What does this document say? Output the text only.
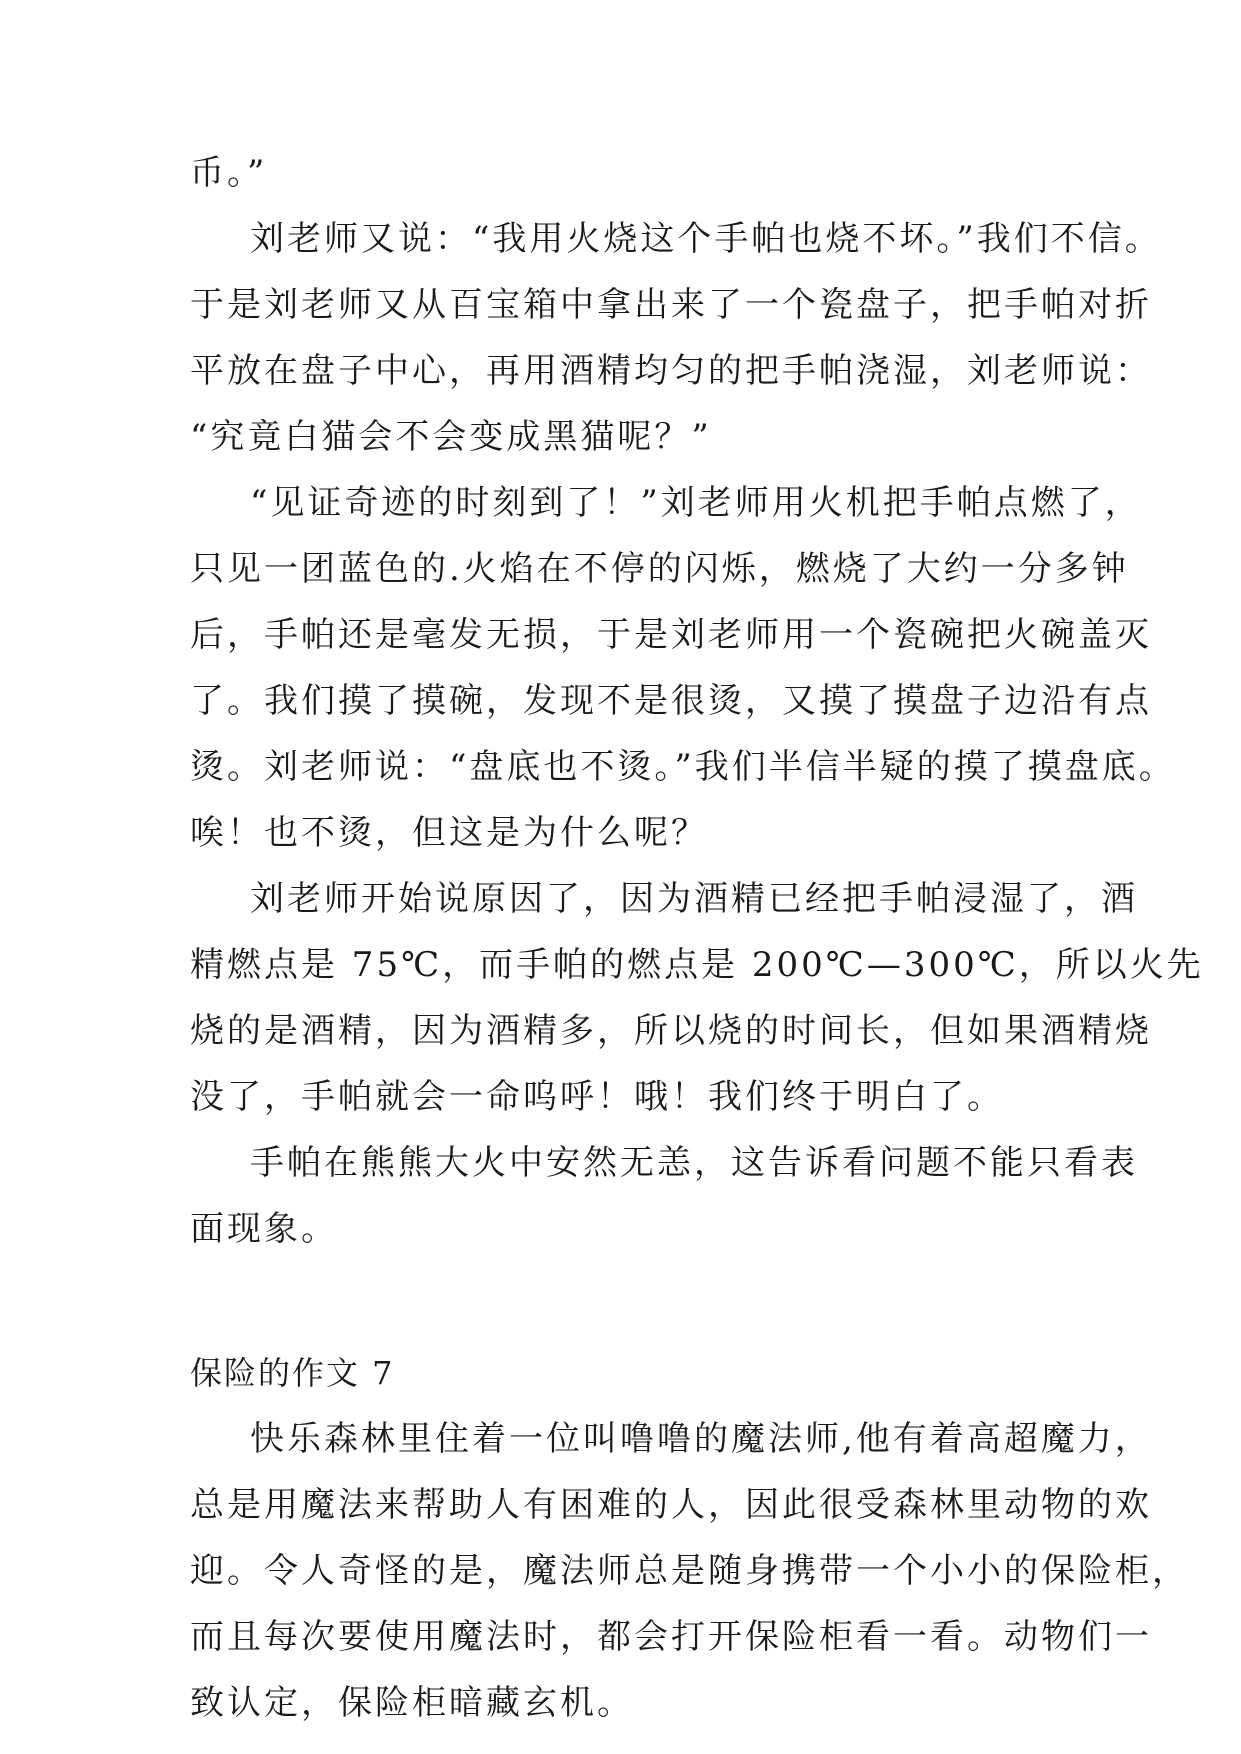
币。”

刘老师又说：“我用火烧这个手帕也烧不坏。”我们不信。

于是刘老师又从百宝箱中拿出来了一个瓷盘子，把手帕对折

平放在盘子中心，再用酒精均匀的把手帕浇湿，刘老师说：

“究竟白猫会不会变成黑猫呢？”

“见证奇迹的时刻到了！”刘老师用火机把手帕点燃了，

只见一团蓝色的.火焰在不停的闪烁，燃烧了大约一分多钟

后，手帕还是毫发无损，于是刘老师用一个瓷碗把火碗盖灭

了。我们摸了摸碗，发现不是很烫，又摸了摸盘子边沿有点

烫。刘老师说：“盘底也不烫。”我们半信半疑的摸了摸盘底。

唉！也不烫，但这是为什么呢？

刘老师开始说原因了，因为酒精已经把手帕浸湿了，酒

精燃点是 75℃，而手帕的燃点是 200℃—300℃，所以火先

烧的是酒精，因为酒精多，所以烧的时间长，但如果酒精烧

没了，手帕就会一命呜呼！哦！我们终于明白了。

手帕在熊熊大火中安然无恙，这告诉看问题不能只看表

面现象。

保险的作文 7

快乐森林里住着一位叫噜噜的魔法师,他有着高超魔力，

总是用魔法来帮助人有困难的人，因此很受森林里动物的欢

迎。令人奇怪的是，魔法师总是随身携带一个小小的保险柜，

而且每次要使用魔法时，都会打开保险柜看一看。动物们一

致认定，保险柜暗藏玄机。
